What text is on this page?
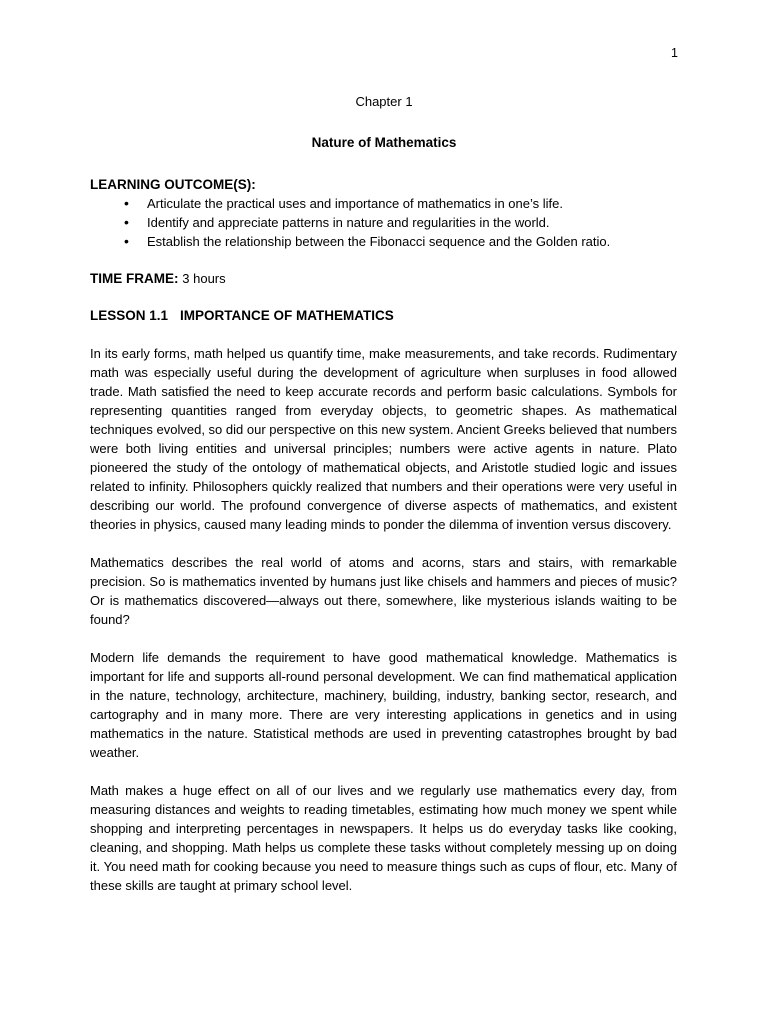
1
Chapter 1
Nature of Mathematics
LEARNING OUTCOME(S):
• Articulate the practical uses and importance of mathematics in one’s life.
• Identify and appreciate patterns in nature and regularities in the world.
• Establish the relationship between the Fibonacci sequence and the Golden ratio.
TIME FRAME: 3 hours
LESSON 1.1 IMPORTANCE OF MATHEMATICS

In its early forms, math helped us quantify time, make measurements, and take records. Rudimentary math was especially useful during the development of agriculture when surpluses in food allowed trade. Math satisfied the need to keep accurate records and perform basic calculations. Symbols for representing quantities ranged from everyday objects, to geometric shapes. As mathematical techniques evolved, so did our perspective on this new system. Ancient Greeks believed that numbers were both living entities and universal principles; numbers were active agents in nature. Plato pioneered the study of the ontology of mathematical objects, and Aristotle studied logic and issues related to infinity. Philosophers quickly realized that numbers and their operations were very useful in describing our world. The profound convergence of diverse aspects of mathematics, and existent theories in physics, caused many leading minds to ponder the dilemma of invention versus discovery.

Mathematics describes the real world of atoms and acorns, stars and stairs, with remarkable precision. So is mathematics invented by humans just like chisels and hammers and pieces of music? Or is mathematics discovered—always out there, somewhere, like mysterious islands waiting to be found?

Modern life demands the requirement to have good mathematical knowledge. Mathematics is important for life and supports all-round personal development. We can find mathematical application in the nature, technology, architecture, machinery, building, industry, banking sector, research, and cartography and in many more. There are very interesting applications in genetics and in using mathematics in the nature. Statistical methods are used in preventing catastrophes brought by bad weather.

Math makes a huge effect on all of our lives and we regularly use mathematics every day, from measuring distances and weights to reading timetables, estimating how much money we spent while shopping and interpreting percentages in newspapers. It helps us do everyday tasks like cooking, cleaning, and shopping. Math helps us complete these tasks without completely messing up on doing it. You need math for cooking because you need to measure things such as cups of flour, etc. Many of these skills are taught at primary school level.
